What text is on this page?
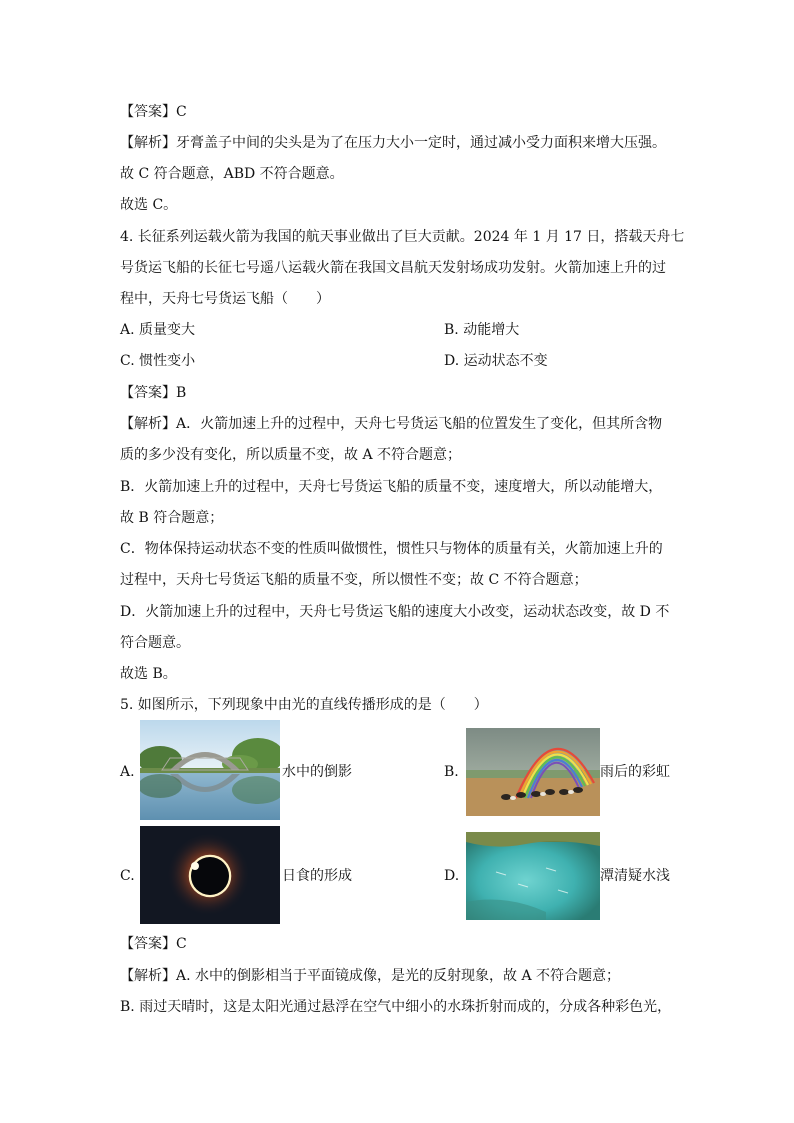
【答案】C
【解析】牙膏盖子中间的尖头是为了在压力大小一定时，通过减小受力面积来增大压强。
故 C 符合题意，ABD 不符合题意。
故选 C。
4. 长征系列运载火箭为我国的航天事业做出了巨大贡献。2024 年 1 月 17 日，搭载天舟七
号货运飞船的长征七号遥八运载火箭在我国文昌航天发射场成功发射。火箭加速上升的过
程中，天舟七号货运飞船（　　）
A. 质量变大	B. 动能增大
C. 惯性变小	D. 运动状态不变
【答案】B
【解析】A．火箭加速上升的过程中，天舟七号货运飞船的位置发生了变化，但其所含物
质的多少没有变化，所以质量不变，故 A 不符合题意；
B．火箭加速上升的过程中，天舟七号货运飞船的质量不变，速度增大，所以动能增大，
故 B 符合题意；
C．物体保持运动状态不变的性质叫做惯性，惯性只与物体的质量有关，火箭加速上升的
过程中，天舟七号货运飞船的质量不变，所以惯性不变；故 C 不符合题意；
D．火箭加速上升的过程中，天舟七号货运飞船的速度大小改变，运动状态改变，故 D 不
符合题意。
故选 B。
5. 如图所示，下列现象中由光的直线传播形成的是（　　）
A.	水中的倒影	B.	雨后的彩虹
C.	日食的形成	D.	潭清疑水浅
【答案】C
【解析】A. 水中的倒影相当于平面镜成像，是光的反射现象，故 A 不符合题意；
B. 雨过天晴时，这是太阳光通过悬浮在空气中细小的水珠折射而成的，分成各种彩色光，
